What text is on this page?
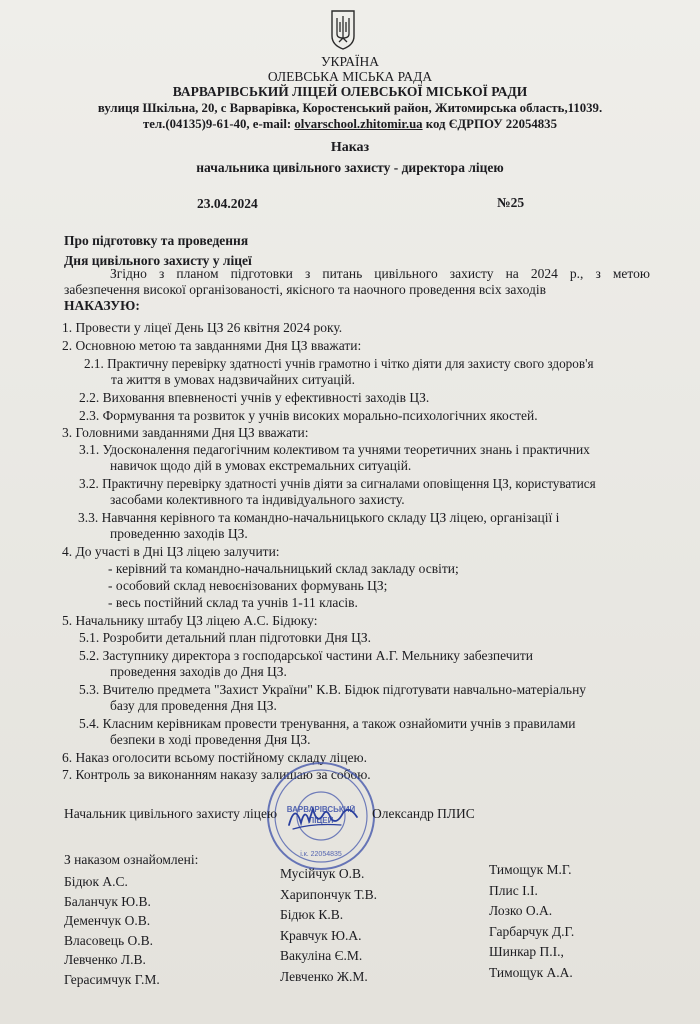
УКРАЇНА
ОЛЕВСЬКА МІСЬКА РАДА
ВАРВАРІВСЬКИЙ ЛІЦЕЙ ОЛЕВСЬКОЇ МІСЬКОЇ РАДИ
вулиця Шкільна, 20, с Варварівка, Коростенський район, Житомирська область,11039.
тел.(04135)9-61-40, e-mail: olvarschool.zhitomir.ua код ЄДРПОУ 22054835
Наказ
начальника цивільного захисту - директора ліцею
23.04.2024	№25
Про підготовку та проведення
Дня цивільного захисту у ліцеї
Згідно з планом підготовки з питань цивільного захисту на 2024 р., з метою
забезпечення високої організованості, якісного та наочного проведення всіх заходів
НАКАЗУЮ:
1. Провести у ліцеї День ЦЗ 26 квітня 2024 року.
2. Основною метою та завданнями Дня ЦЗ вважати:
2.1. Практичну перевірку здатності учнів грамотно і чітко діяти для захисту свого здоров'я
та життя в умовах надзвичайних ситуацій.
2.2. Виховання впевненості учнів у ефективності заходів ЦЗ.
2.3. Формування та розвиток у учнів високих морально-психологічних якостей.
3. Головними завданнями Дня ЦЗ вважати:
3.1. Удосконалення педагогічним колективом та учнями теоретичних знань і практичних
навичок щодо дій в умовах екстремальних ситуацій.
3.2. Практичну перевірку здатності учнів діяти за сигналами оповіщення ЦЗ, користуватися
засобами колективного та індивідуального захисту.
3.3. Навчання керівного та командно-начальницького складу ЦЗ ліцею, організації і
проведенню заходів ЦЗ.
4. До участі в Дні ЦЗ ліцею залучити:
- керівний та командно-начальницький склад закладу освіти;
- особовий склад невоєнізованих формувань ЦЗ;
- весь постійний склад та учнів 1-11 класів.
5. Начальнику штабу ЦЗ ліцею А.С. Бідюку:
5.1. Розробити детальний план підготовки Дня ЦЗ.
5.2. Заступнику директора з господарської частини А.Г. Мельнику забезпечити
проведення заходів до Дня ЦЗ.
5.3. Вчителю предмета "Захист України" К.В. Бідюк підготувати навчально-матеріальну
базу для проведення Дня ЦЗ.
5.4. Класним керівникам провести тренування, а також ознайомити учнів з правилами
безпеки в ході проведення Дня ЦЗ.
6. Наказ оголосити всьому постійному складу ліцею.
7. Контроль за виконанням наказу залишаю за собою.
ВАРВАРІВСЬКИЙ
ЛІЦЕЙ
і.к. 22054835
Начальник цивільного захисту ліцею	Олександр ПЛИС
З наказом ознайомлені:
Бідюк А.С.
Баланчук Ю.В.
Деменчук О.В.
Власовець О.В.
Левченко Л.В.
Герасимчук Г.М.
Мусійчук О.В.
Харипончук Т.В.
Бідюк К.В.
Кравчук Ю.А.
Вакуліна Є.М.
Левченко Ж.М.
Тимощук М.Г.
Плис І.І.
Лозко О.А.
Гарбарчук Д.Г.
Шинкар П.І.,
Тимощук А.А.
